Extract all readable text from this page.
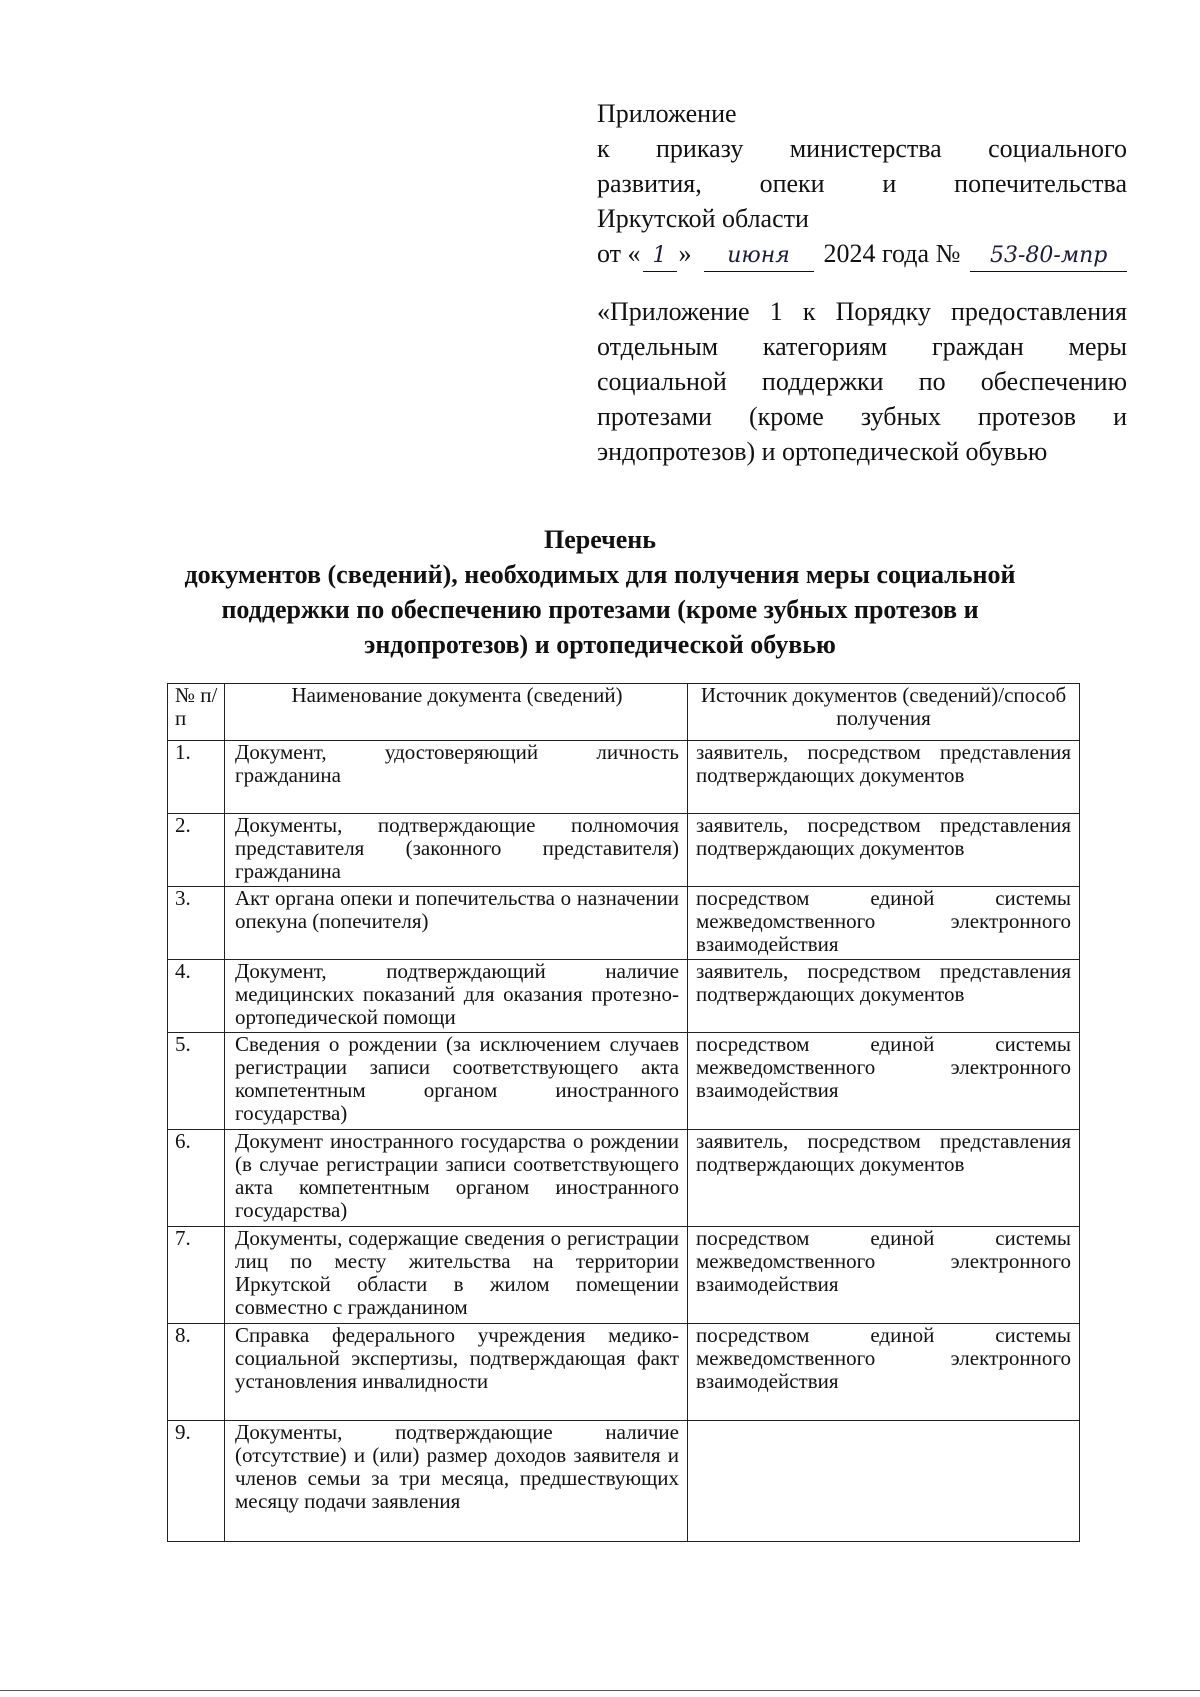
Приложение
к приказу министерства социального
развития, опеки и попечительства
Иркутской области
от « 1 »	июня	2024 года №	53-80-мпр
«Приложение 1 к Порядку предоставления
отдельным категориям граждан меры
социальной поддержки по обеспечению
протезами (кроме зубных протезов и
эндопротезов) и ортопедической обувью
Перечень
документов (сведений), необходимых для получения меры социальной
поддержки по обеспечению протезами (кроме зубных протезов и
эндопротезов) и ортопедической обувью
№ п/п	Наименование документа (сведений)	Источник документов (сведений)/способ получения
1.	Документ, удостоверяющий личность гражданина	заявитель, посредством представления подтверждающих документов
2.	Документы, подтверждающие полномочия представителя (законного представителя) гражданина	заявитель, посредством представления подтверждающих документов
3.	Акт органа опеки и попечительства о назначении опекуна (попечителя)	посредством единой системы межведомственного электронного взаимодействия
4.	Документ, подтверждающий наличие медицинских показаний для оказания протезно-ортопедической помощи	заявитель, посредством представления подтверждающих документов
5.	Сведения о рождении (за исключением случаев регистрации записи соответствующего акта компетентным органом иностранного государства)	посредством единой системы межведомственного электронного взаимодействия
6.	Документ иностранного государства о рождении (в случае регистрации записи соответствующего акта компетентным органом иностранного государства)	заявитель, посредством представления подтверждающих документов
7.	Документы, содержащие сведения о регистрации лиц по месту жительства на территории Иркутской области в жилом помещении совместно с гражданином	посредством единой системы межведомственного электронного взаимодействия
8.	Справка федерального учреждения медико-социальной экспертизы, подтверждающая факт установления инвалидности	посредством единой системы межведомственного электронного взаимодействия
9.	Документы, подтверждающие наличие (отсутствие) и (или) размер доходов заявителя и членов семьи за три месяца, предшествующих месяцу подачи заявления	
